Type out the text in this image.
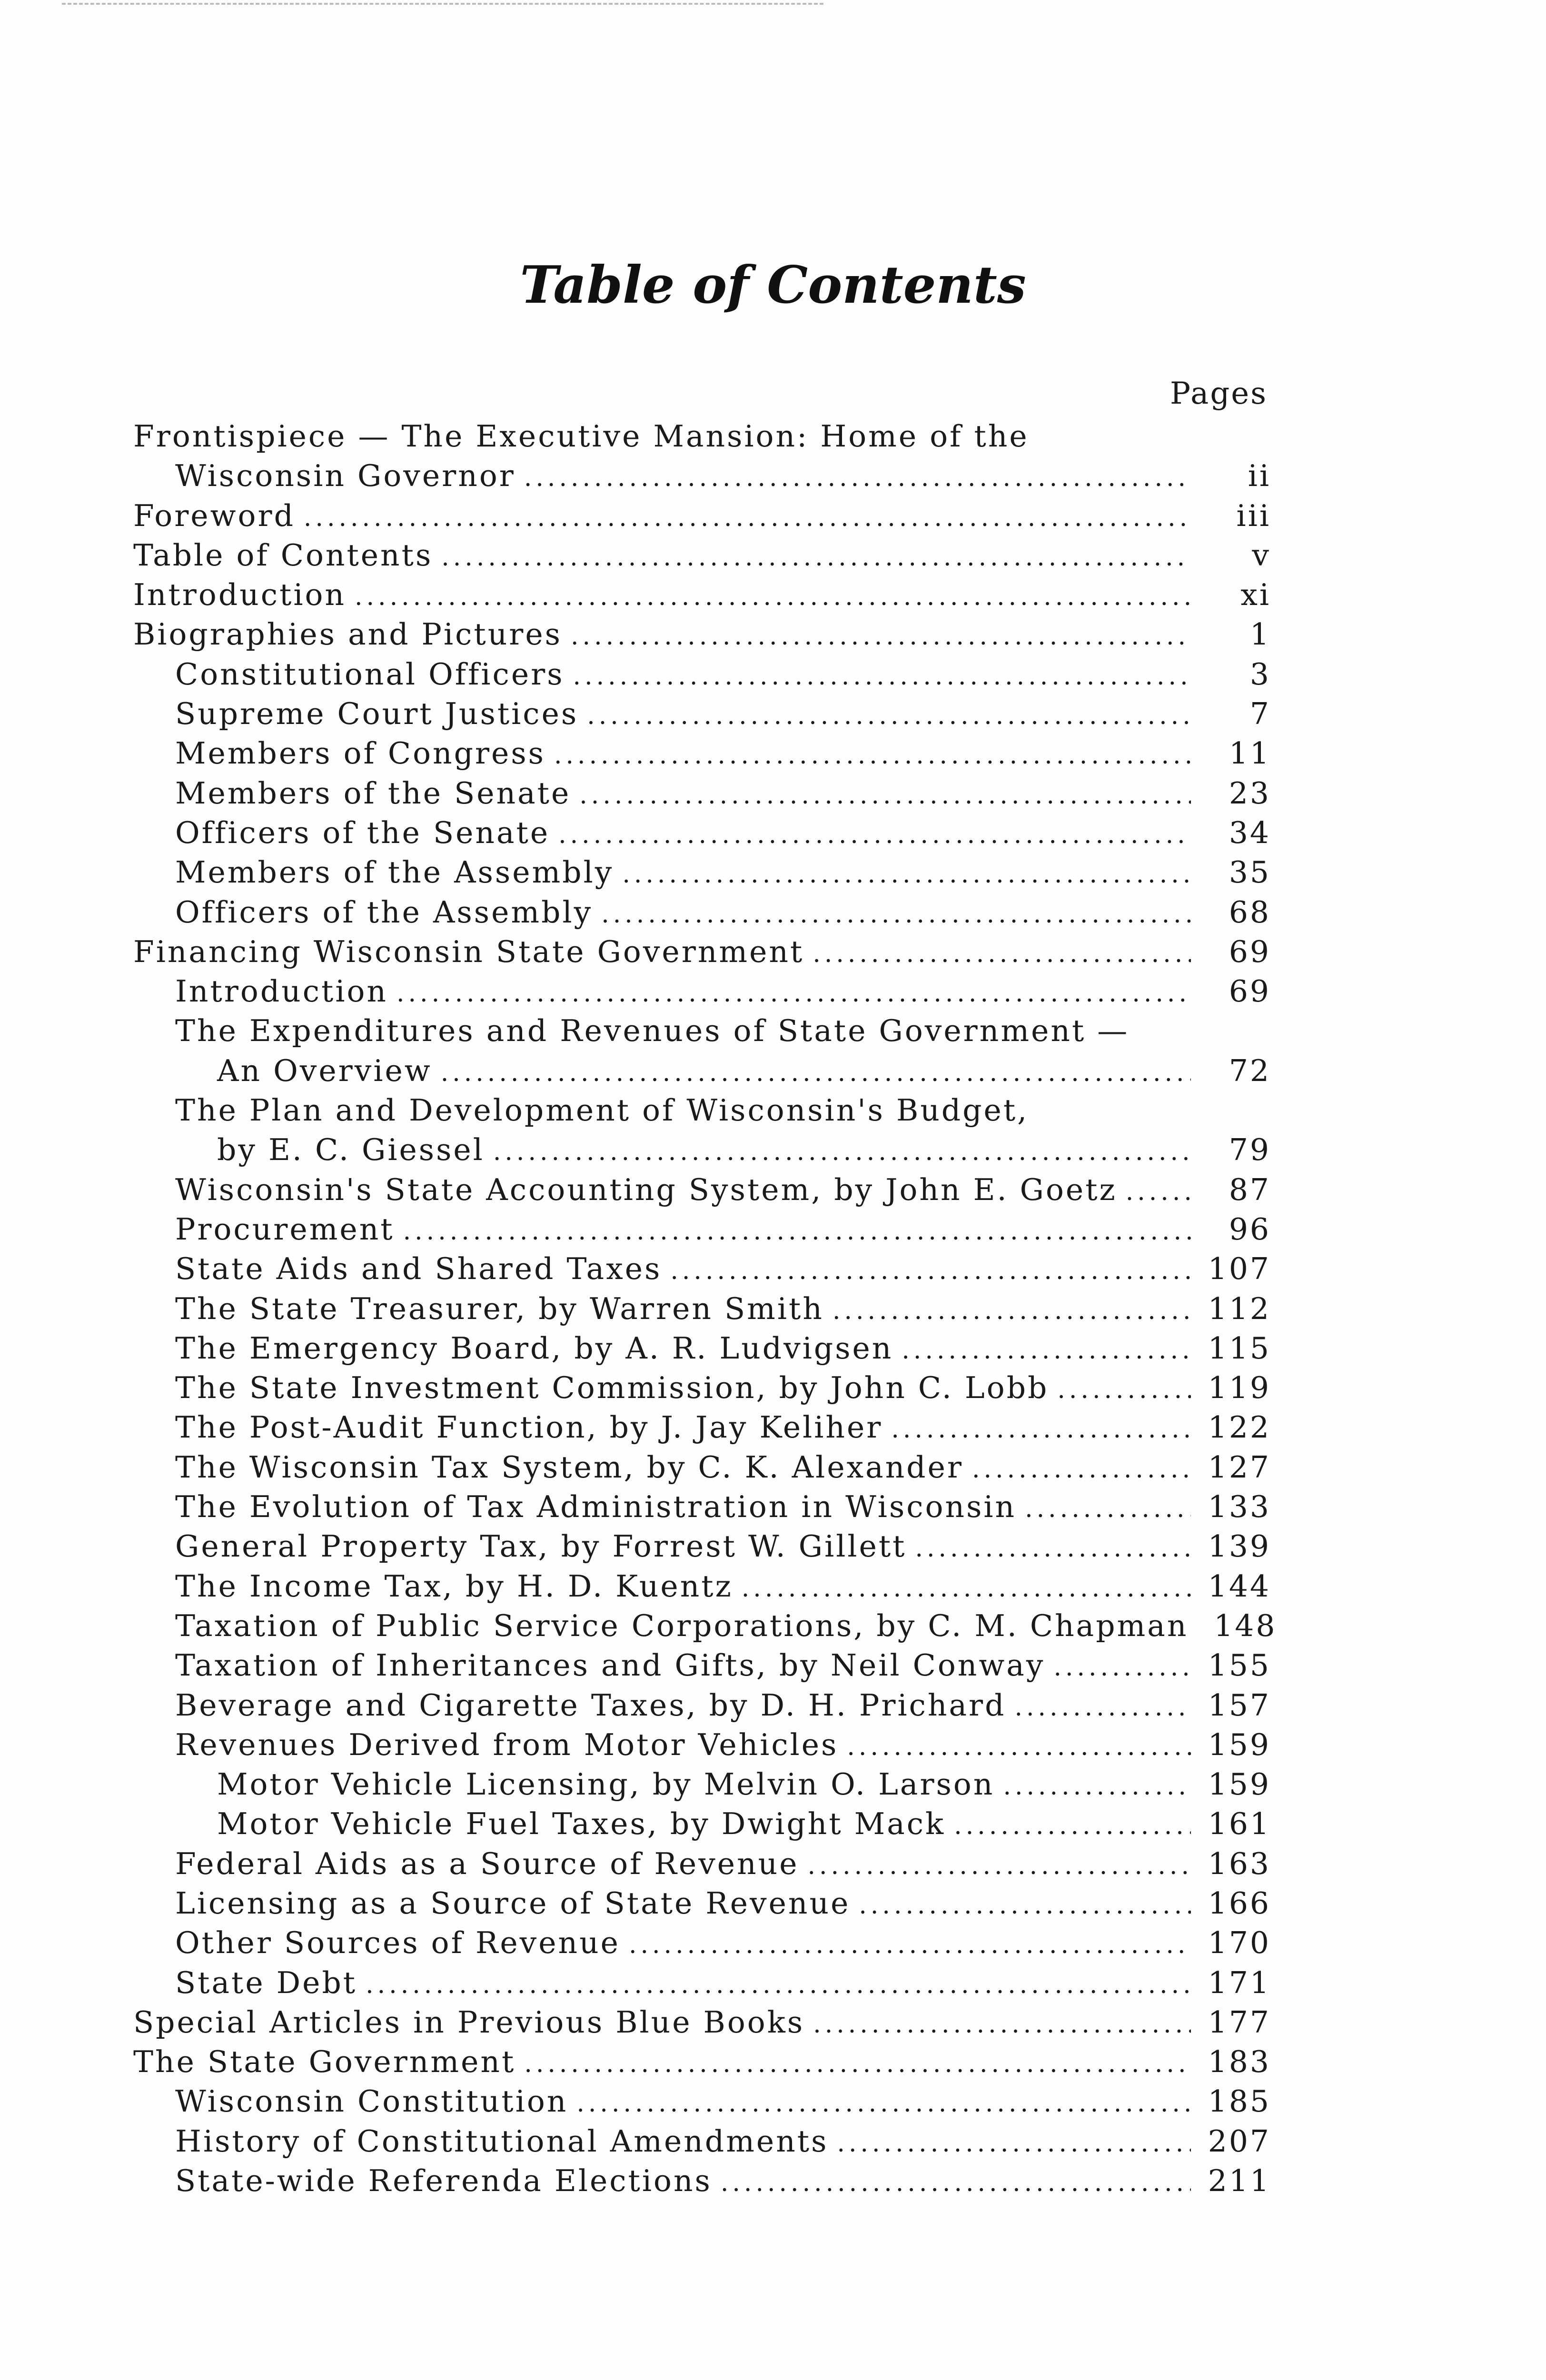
Table of Contents
Pages
Frontispiece — The Executive Mansion: Home of the
Wisconsin Governor .....	ii
Foreword .....	iii
Table of Contents .....	v
Introduction .....	xi
Biographies and Pictures .....	1
Constitutional Officers .....	3
Supreme Court Justices .....	7
Members of Congress .....	11
Members of the Senate .....	23
Officers of the Senate .....	34
Members of the Assembly .....	35
Officers of the Assembly .....	68
Financing Wisconsin State Government .....	69
Introduction .....	69
The Expenditures and Revenues of State Government —
An Overview .....	72
The Plan and Development of Wisconsin's Budget,
by E. C. Giessel .....	79
Wisconsin's State Accounting System, by John E. Goetz .....	87
Procurement .....	96
State Aids and Shared Taxes .....	107
The State Treasurer, by Warren Smith .....	112
The Emergency Board, by A. R. Ludvigsen .....	115
The State Investment Commission, by John C. Lobb .....	119
The Post-Audit Function, by J. Jay Keliher .....	122
The Wisconsin Tax System, by C. K. Alexander .....	127
The Evolution of Tax Administration in Wisconsin .....	133
General Property Tax, by Forrest W. Gillett .....	139
The Income Tax, by H. D. Kuentz .....	144
Taxation of Public Service Corporations, by C. M. Chapman 148
Taxation of Inheritances and Gifts, by Neil Conway .....	155
Beverage and Cigarette Taxes, by D. H. Prichard .....	157
Revenues Derived from Motor Vehicles .....	159
Motor Vehicle Licensing, by Melvin O. Larson .....	159
Motor Vehicle Fuel Taxes, by Dwight Mack .....	161
Federal Aids as a Source of Revenue .....	163
Licensing as a Source of State Revenue .....	166
Other Sources of Revenue .....	170
State Debt .....	171
Special Articles in Previous Blue Books .....	177
The State Government .....	183
Wisconsin Constitution .....	185
History of Constitutional Amendments .....	207
State-wide Referenda Elections .....	211
